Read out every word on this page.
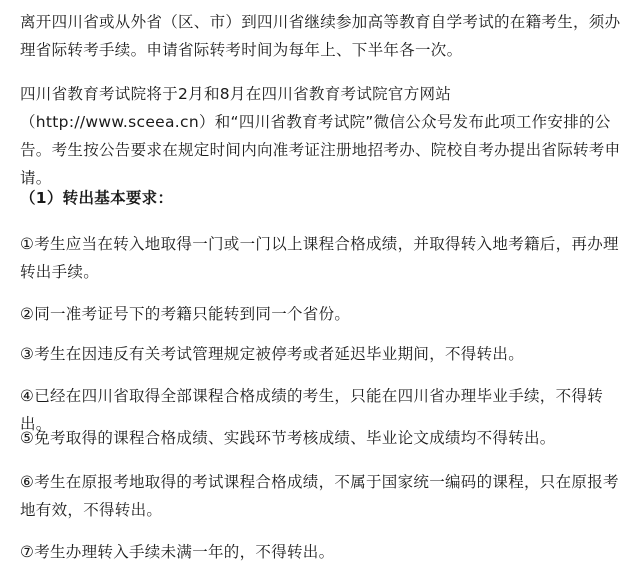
离开四川省或从外省（区、市）到四川省继续参加高等教育自学考试的在籍考生，须办理省际转考手续。申请省际转考时间为每年上、下半年各一次。

四川省教育考试院将于2月和8月在四川省教育考试院官方网站（http://www.sceea.cn）和“四川省教育考试院”微信公众号发布此项工作安排的公告。考生按公告要求在规定时间内向准考证注册地招考办、院校自考办提出省际转考申请。

（1）转出基本要求：

①考生应当在转入地取得一门或一门以上课程合格成绩，并取得转入地考籍后，再办理转出手续。

②同一准考证号下的考籍只能转到同一个省份。

③考生在因违反有关考试管理规定被停考或者延迟毕业期间，不得转出。

④已经在四川省取得全部课程合格成绩的考生，只能在四川省办理毕业手续，不得转出。

⑤免考取得的课程合格成绩、实践环节考核成绩、毕业论文成绩均不得转出。

⑥考生在原报考地取得的考试课程合格成绩，不属于国家统一编码的课程，只在原报考地有效，不得转出。

⑦考生办理转入手续未满一年的，不得转出。
